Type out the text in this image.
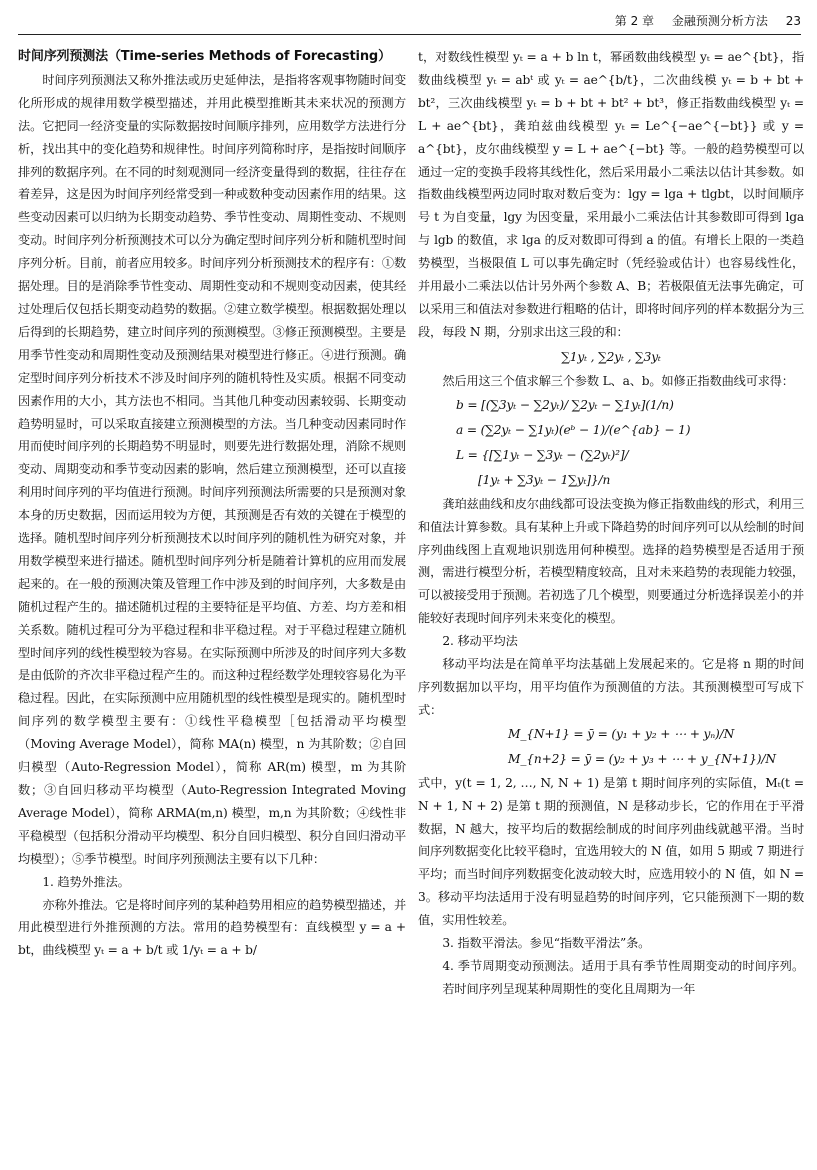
第 2 章 金融预测分析方法 23

时间序列预测法（Time-series Methods of Forecasting）

时间序列预测法又称外推法或历史延伸法，是指将客观事物随时间变化所形成的规律用数学模型描述，并用此模型推断其未来状况的预测方法。它把同一经济变量的实际数据按时间顺序排列，应用数学方法进行分析，找出其中的变化趋势和规律性。时间序列简称时序，是指按时间顺序排列的数据序列。在不同的时刻观测同一经济变量得到的数据，往往存在着差异，这是因为时间序列经常受到一种或数种变动因素作用的结果。这些变动因素可以归纳为长期变动趋势、季节性变动、周期性变动、不规则变动。时间序列分析预测技术可以分为确定型时间序列分析和随机型时间序列分析。目前，前者应用较多。时间序列分析预测技术的程序有：①数据处理。目的是消除季节性变动、周期性变动和不规则变动因素，使其经过处理后仅包括长期变动趋势的数据。②建立数学模型。根据数据处理以后得到的长期趋势，建立时间序列的预测模型。③修正预测模型。主要是用季节性变动和周期性变动及预测结果对模型进行修正。④进行预测。确定型时间序列分析技术不涉及时间序列的随机特性及实质。根据不同变动因素作用的大小，其方法也不相同。当其他几种变动因素较弱、长期变动趋势明显时，可以采取直接建立预测模型的方法。当几种变动因素同时作用而使时间序列的长期趋势不明显时，则要先进行数据处理，消除不规则变动、周期变动和季节变动因素的影响，然后建立预测模型，还可以直接利用时间序列的平均值进行预测。时间序列预测法所需要的只是预测对象本身的历史数据，因而运用较为方便，其预测是否有效的关键在于模型的选择。随机型时间序列分析预测技术以时间序列的随机性为研究对象，并用数学模型来进行描述。随机型时间序列分析是随着计算机的应用而发展起来的。在一般的预测决策及管理工作中涉及到的时间序列，大多数是由随机过程产生的。描述随机过程的主要特征是平均值、方差、均方差和相关系数。随机过程可分为平稳过程和非平稳过程。对于平稳过程建立随机型时间序列的线性模型较为容易。在实际预测中所涉及的时间序列大多数是由低阶的齐次非平稳过程产生的。而这种过程经数学处理较容易化为平稳过程。因此，在实际预测中应用随机型的线性模型是现实的。随机型时间序列的数学模型主要有：①线性平稳模型［包括滑动平均模型（Moving Average Model），简称 MA(n) 模型，n 为其阶数；②自回归模型（Auto-Regression Model），简称 AR(m) 模型，m 为其阶数；③自回归移动平均模型（Auto-Regression Integrated Moving Average Model），简称 ARMA(m,n) 模型，m,n 为其阶数；④线性非平稳模型（包括积分滑动平均模型、积分自回归模型、积分自回归滑动平均模型）；⑤季节模型。时间序列预测法主要有以下几种：

1. 趋势外推法。

亦称外推法。它是将时间序列的某种趋势用相应的趋势模型描述，并用此模型进行外推预测的方法。常用的趋势模型有：直线模型 y = a + bt，曲线模型 yₜ = a + b/t 或 1/yₜ = a + b/

t，对数线性模型 yₜ = a + b ln t，幂函数曲线模型 yₜ = ae^{bt}，指数曲线模型 yₜ = abᵗ 或 yₜ = ae^{b/t}，二次曲线模 yₜ = b + bt + bt²，三次曲线模型 yₜ = b + bt + bt² + bt³，修正指数曲线模型 yₜ = L + ae^{bt}，龚珀兹曲线模型 yₜ = Le^{−ae^{−bt}} 或 y = a^{bt}，皮尔曲线模型 y = L + ae^{−bt} 等。一般的趋势模型可以通过一定的变换手段将其线性化，然后采用最小二乘法以估计其参数。如指数曲线模型两边同时取对数后变为：lgy = lga + tlgbt，以时间顺序号 t 为自变量，lgy 为因变量，采用最小二乘法估计其参数即可得到 lga 与 lgb 的数值，求 lga 的反对数即可得到 a 的值。有增长上限的一类趋势模型，当极限值 L 可以事先确定时（凭经验或估计）也容易线性化，并用最小二乘法以估计另外两个参数 A、B；若极限值无法事先确定，可以采用三和值法对参数进行粗略的估计，即将时间序列的样本数据分为三段，每段 N 期，分别求出这三段的和：

∑1yₜ , ∑2yₜ , ∑3yₜ

然后用这三个值求解三个参数 L、a、b。如修正指数曲线可求得：

b = [(∑3yₜ − ∑2yₜ)/ ∑2yₜ − ∑1yₜ](1/n)

a = (∑2yₜ − ∑1yₜ)(eᵇ − 1)/(e^{ab} − 1)

L = {[∑1yₜ − ∑3yₜ − (∑2yₜ)²]/

[1yₜ + ∑3yₜ − 1∑yₜ]}/n

龚珀兹曲线和皮尔曲线都可设法变换为修正指数曲线的形式，利用三和值法计算参数。具有某种上升或下降趋势的时间序列可以从绘制的时间序列曲线图上直观地识别选用何种模型。选择的趋势模型是否适用于预测，需进行模型分析，若模型精度较高，且对未来趋势的表现能力较强，可以被接受用于预测。若初选了几个模型，则要通过分析选择误差小的并能较好表现时间序列未来变化的模型。

2. 移动平均法

移动平均法是在简单平均法基础上发展起来的。它是将 n 期的时间序列数据加以平均，用平均值作为预测值的方法。其预测模型可写成下式：

M_{N+1} = ȳ = (y₁ + y₂ + ⋯ + yₙ)/N

M_{n+2} = ȳ = (y₂ + y₃ + ⋯ + y_{N+1})/N

式中，y(t = 1, 2, …, N, N + 1) 是第 t 期时间序列的实际值，Mₜ(t = N + 1, N + 2) 是第 t 期的预测值，N 是移动步长，它的作用在于平滑数据，N 越大，按平均后的数据绘制成的时间序列曲线就越平滑。当时间序列数据变化比较平稳时，宜选用较大的 N 值，如用 5 期或 7 期进行平均；而当时间序列数据变化波动较大时，应选用较小的 N 值，如 N = 3。移动平均法适用于没有明显趋势的时间序列，它只能预测下一期的数值，实用性较差。

3. 指数平滑法。参见“指数平滑法”条。

4. 季节周期变动预测法。适用于具有季节性周期变动的时间序列。若时间序列呈现某种周期性的变化且周期为一年
